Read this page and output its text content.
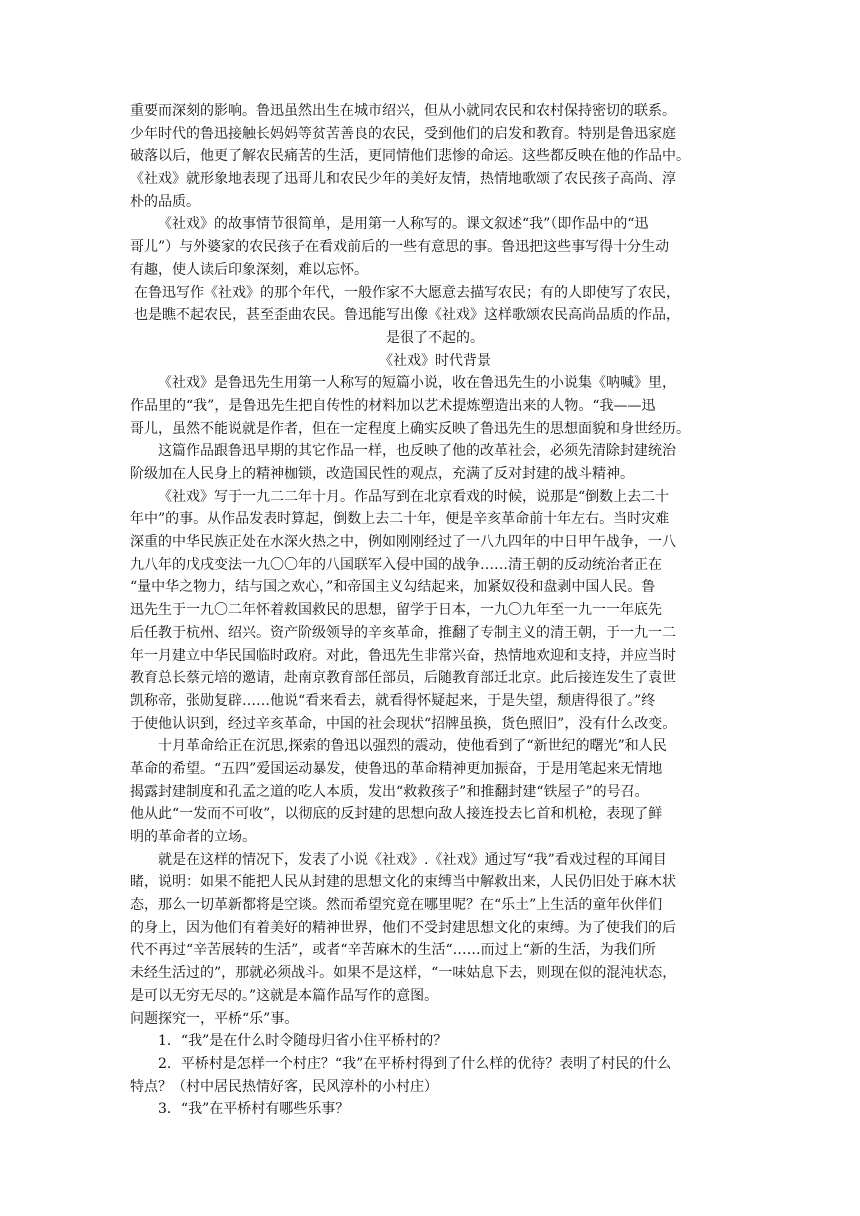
重要而深刻的影响。鲁迅虽然出生在城市绍兴，但从小就同农民和农村保持密切的联系。
少年时代的鲁迅接触长妈妈等贫苦善良的农民，受到他们的启发和教育。特别是鲁迅家庭
破落以后，他更了解农民痛苦的生活，更同情他们悲惨的命运。这些都反映在他的作品中。
《社戏》就形象地表现了迅哥儿和农民少年的美好友情，热情地歌颂了农民孩子高尚、淳
朴的品质。
《社戏》的故事情节很简单，是用第一人称写的。课文叙述“我”（即作品中的“迅
哥儿”）与外婆家的农民孩子在看戏前后的一些有意思的事。鲁迅把这些事写得十分生动
有趣，使人读后印象深刻，难以忘怀。
在鲁迅写作《社戏》的那个年代，一般作家不大愿意去描写农民；有的人即使写了农民，
也是瞧不起农民，甚至歪曲农民。鲁迅能写出像《社戏》这样歌颂农民高尚品质的作品，
是很了不起的。
《社戏》时代背景
《社戏》是鲁迅先生用第一人称写的短篇小说，收在鲁迅先生的小说集《呐喊》里，
作品里的“我”，是鲁迅先生把自传性的材料加以艺术提炼塑造出来的人物。“我——迅
哥儿，虽然不能说就是作者，但在一定程度上确实反映了鲁迅先生的思想面貌和身世经历。
这篇作品跟鲁迅早期的其它作品一样，也反映了他的改革社会，必须先清除封建统治
阶级加在人民身上的精神枷锁，改造国民性的观点，充满了反对封建的战斗精神。
《社戏》写于一九二二年十月。作品写到在北京看戏的时候，说那是“倒数上去二十
年中”的事。从作品发表时算起，倒数上去二十年，便是辛亥革命前十年左右。当时灾难
深重的中华民族正处在水深火热之中，例如刚刚经过了一八九四年的中日甲午战争，一八
九八年的戊戌变法一九〇〇年的八国联军入侵中国的战争……清王朝的反动统治者正在
“量中华之物力，结与国之欢心，”和帝国主义勾结起来，加紧奴役和盘剥中国人民。鲁
迅先生于一九〇二年怀着救国救民的思想，留学于日本，一九〇九年至一九一一年底先
后任教于杭州、绍兴。资产阶级领导的辛亥革命，推翻了专制主义的清王朝，于一九一二
年一月建立中华民国临时政府。对此，鲁迅先生非常兴奋，热情地欢迎和支持，并应当时
教育总长蔡元培的邀请，赴南京教育部任部员，后随教育部迁北京。此后接连发生了袁世
凯称帝，张勋复辟……他说“看来看去，就看得怀疑起来，于是失望，颓唐得很了。”终
于使他认识到，经过辛亥革命，中国的社会现状“招牌虽换，货色照旧”，没有什么改变。
十月革命给正在沉思,探索的鲁迅以强烈的震动，使他看到了“新世纪的曙光”和人民
革命的希望。“五四”爱国运动暴发，使鲁迅的革命精神更加振奋，于是用笔起来无情地
揭露封建制度和孔孟之道的吃人本质，发出“救救孩子”和推翻封建“铁屋子”的号召。
他从此“一发而不可收”，以彻底的反封建的思想向敌人接连投去匕首和机枪，表现了鲜
明的革命者的立场。
就是在这样的情况下，发表了小说《社戏》.《社戏》通过写“我”看戏过程的耳闻目
睹，说明：如果不能把人民从封建的思想文化的束缚当中解救出来，人民仍旧处于麻木状
态，那么一切革新都将是空谈。然而希望究竟在哪里呢？在“乐土”上生活的童年伙伴们
的身上，因为他们有着美好的精神世界，他们不受封建思想文化的束缚。为了使我们的后
代不再过“辛苦展转的生活”，或者“辛苦麻木的生活“……而过上“新的生活，为我们所
未经生活过的”，那就必须战斗。如果不是这样，“一味姑息下去，则现在似的混沌状态，
是可以无穷无尽的。”这就是本篇作品写作的意图。
问题探究一，平桥“乐”事。
1．“我”是在什么时令随母归省小住平桥村的？
2．平桥村是怎样一个村庄？“我”在平桥村得到了什么样的优待？表明了村民的什么
特点？（村中居民热情好客，民风淳朴的小村庄）
3．“我”在平桥村有哪些乐事？
